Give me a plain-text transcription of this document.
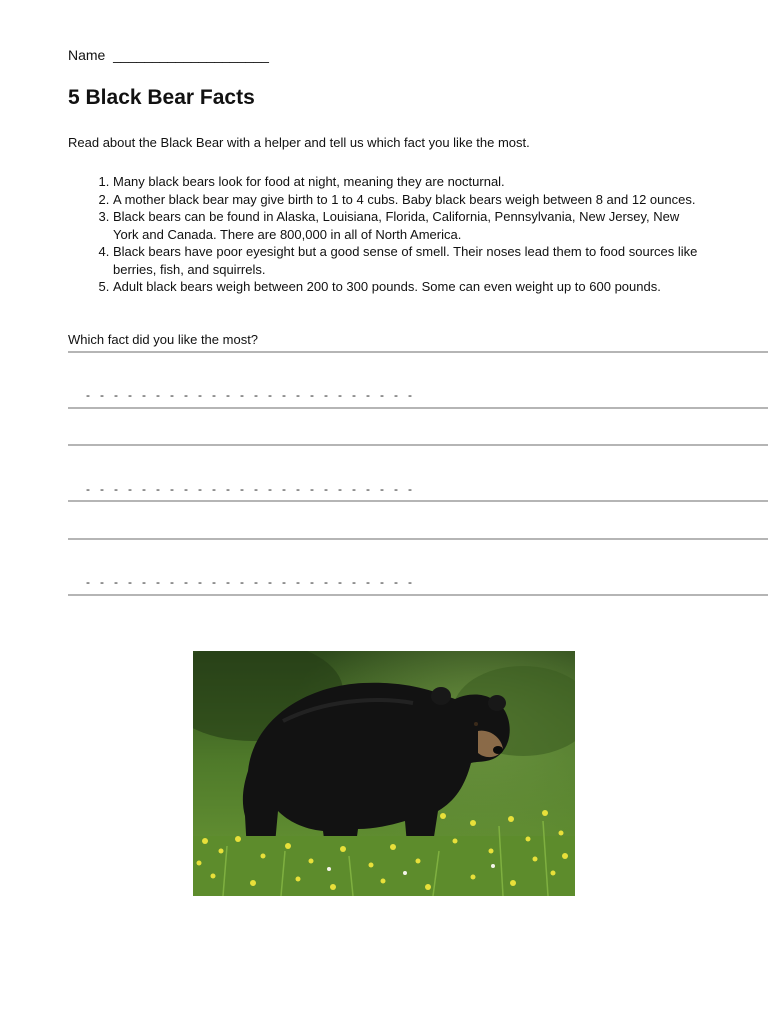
Name ____________________
5 Black Bear Facts

Read about the Black Bear with a helper and tell us which fact you like the most.

1. Many black bears look for food at night, meaning they are nocturnal.
2. A mother black bear may give birth to 1 to 4 cubs. Baby black bears weigh between 8 and 12 ounces.
3. Black bears can be found in Alaska, Louisiana, Florida, California, Pennsylvania, New Jersey, New York and Canada. There are 800,000 in all of North America.
4. Black bears have poor eyesight but a good sense of smell. Their noses lead them to food sources like berries, fish, and squirrels.
5. Adult black bears weigh between 200 to 300 pounds. Some can even weight up to 600 pounds.

Which fact did you like the most?

-   -   -   -   -   -   -   -   -   -   -   -   -   -   -   -   -   -   -   -   -   -   -   -
-   -   -   -   -   -   -   -   -   -   -   -   -   -   -   -   -   -   -   -   -   -   -   -
-   -   -   -   -   -   -   -   -   -   -   -   -   -   -   -   -   -   -   -   -   -   -   -
